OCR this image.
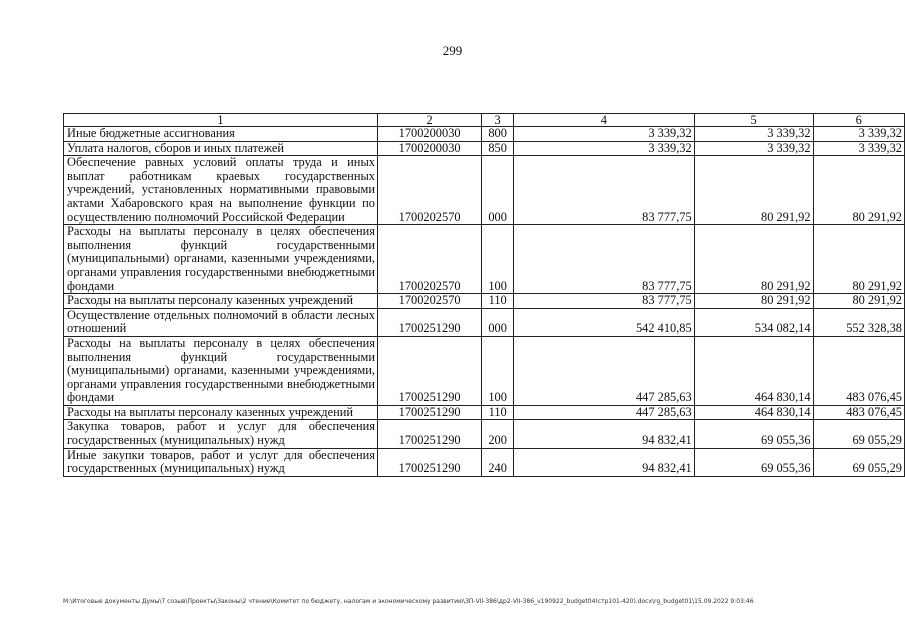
299
1	2	3	4	5	6
Иные бюджетные ассигнования	1700200030	800	3 339,32	3 339,32	3 339,32
Уплата налогов, сборов и иных платежей	1700200030	850	3 339,32	3 339,32	3 339,32
Обеспечение равных условий оплаты труда и иных выплат работникам краевых государственных учреждений, установленных нормативными правовыми актами Хабаровского края на выполнение функции по осуществлению полномочий Российской Федерации	1700202570	000	83 777,75	80 291,92	80 291,92
Расходы на выплаты персоналу в целях обеспечения выполнения функций государственными (муниципальными) органами, казенными учреждениями, органами управления государственными внебюджетными фондами	1700202570	100	83 777,75	80 291,92	80 291,92
Расходы на выплаты персоналу казенных учреждений	1700202570	110	83 777,75	80 291,92	80 291,92
Осуществление отдельных полномочий в области лесных отношений	1700251290	000	542 410,85	534 082,14	552 328,38
Расходы на выплаты персоналу в целях обеспечения выполнения функций государственными (муниципальными) органами, казенными учреждениями, органами управления государственными внебюджетными фондами	1700251290	100	447 285,63	464 830,14	483 076,45
Расходы на выплаты персоналу казенных учреждений	1700251290	110	447 285,63	464 830,14	483 076,45
Закупка товаров, работ и услуг для обеспечения государственных (муниципальных) нужд	1700251290	200	94 832,41	69 055,36	69 055,29
Иные закупки товаров, работ и услуг для обеспечения государственных (муниципальных) нужд	1700251290	240	94 832,41	69 055,36	69 055,29
M:\Итоговые документы Думы\7 созыв\Проекты\Законы\2 чтение\Комитет по бюджету, налогам и экономическому развитию\ЗП-VII-386\др2-VII-386_v190922_budget04(стр101-420).docx\rg_budget01\15.09.2022 9:03:46
